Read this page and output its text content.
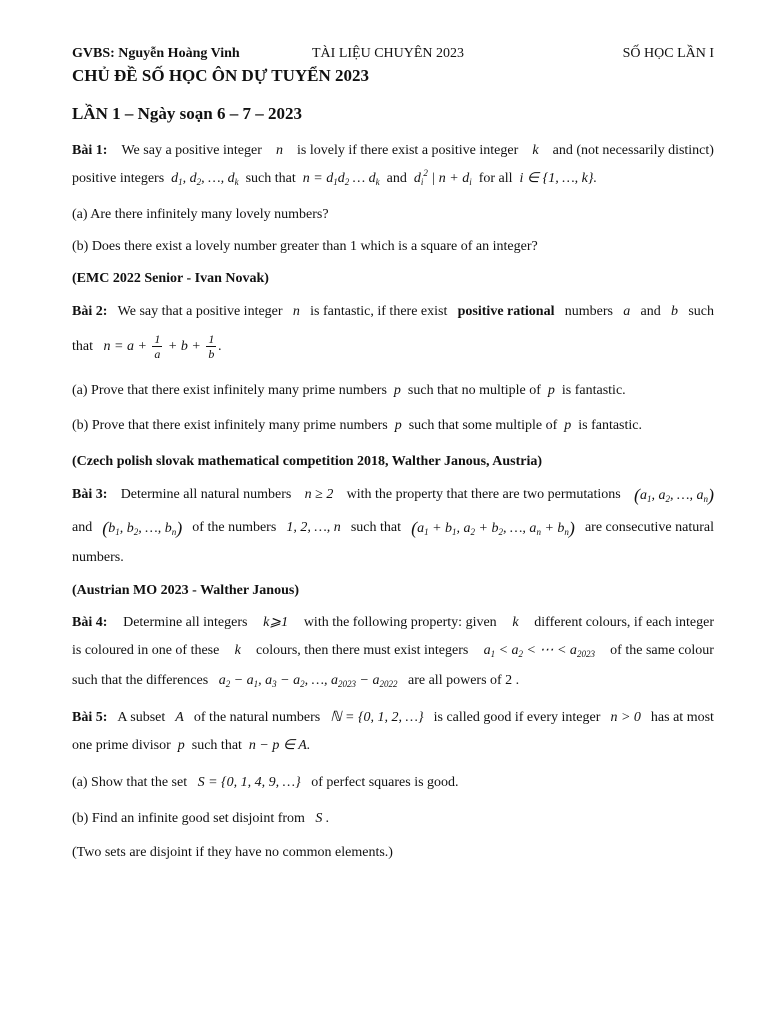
GVBS: Nguyễn Hoàng Vinh	TÀI LIỆU CHUYÊN 2023	SỐ HỌC LẦN I
CHỦ ĐỀ SỐ HỌC ÔN DỰ TUYỂN 2023
LẦN 1 – Ngày soạn 6 – 7 – 2023
Bài 1: We say a positive integer n is lovely if there exist a positive integer k and (not necessarily distinct)
positive integers  $d_1$, $d_2$, …, $d_k$ such that  $n = d_1d_2$ … $d_k$ and  $d_i^2$ | $n + d_i$ for all  i ∈ {1, …, k}.
(a) Are there infinitely many lovely numbers?
(b) Does there exist a lovely number greater than 1 which is a square of an integer?
(EMC 2022 Senior - Ivan Novak)
Bài 2: We say that a positive integer n is fantastic, if there exist positive rational numbers a and b such
that   $n = a + \frac{1}{a} + b + \frac{1}{b}$ .
(a) Prove that there exist infinitely many prime numbers  p  such that no multiple of  p  is fantastic.
(b) Prove that there exist infinitely many prime numbers  p  such that some multiple of  p  is fantastic.
(Czech polish slovak mathematical competition 2018, Walther Janous, Austria)
Bài 3: Determine all natural numbers n ≥ 2 with the property that there are two permutations ($a_1$, $a_2$, …, $a_n$)
and ($b_1$, $b_2$, …, $b_n$) of the numbers 1, 2, …, n such that ($a_1 + b_1$, $a_2 + b_2$, …, $a_n + b_n$) are consecutive natural
numbers.
(Austrian MO 2023 - Walther Janous)
Bài 4: Determine all integers k⩾1 with the following property: given k different colours, if each integer
is coloured in one of these k colours, then there must exist integers $a_1 < a_2$ < ⋯ < $a_{2023}$ of the same colour
such that the differences   $a_2 - a_1$, $a_3 - a_2$, …, $a_{2023} - a_{2022}$ are all powers of 2 .
Bài 5: A subset A of the natural numbers ℕ = {0, 1, 2, …} is called good if every integer n > 0 has at most
one prime divisor  p  such that  n − p ∈ A.
(a) Show that the set   S = {0, 1, 4, 9, …}   of perfect squares is good.
(b) Find an infinite good set disjoint from   S .
(Two sets are disjoint if they have no common elements.)
